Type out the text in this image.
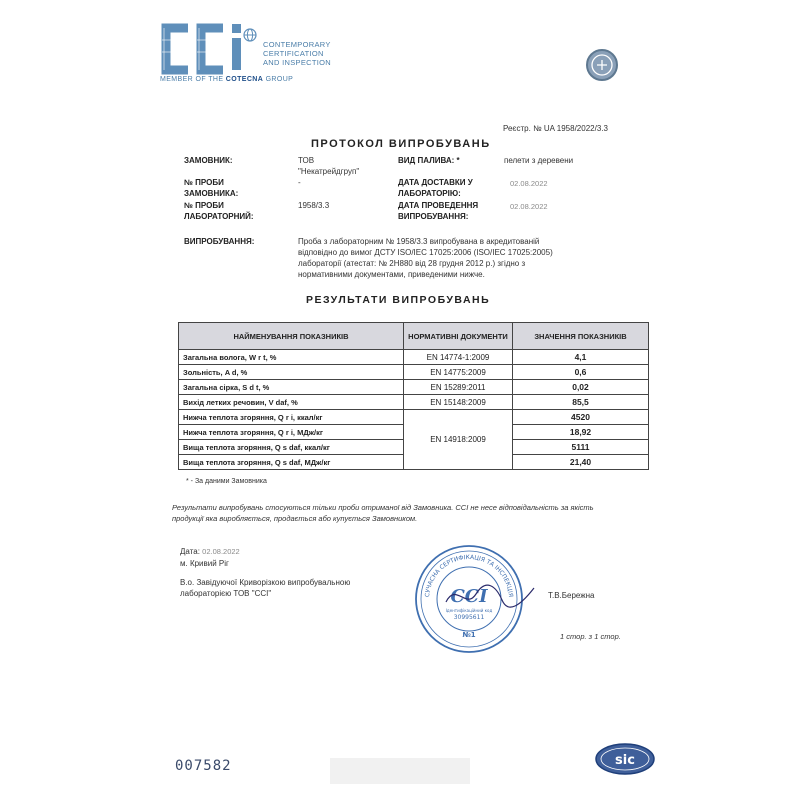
CONTEMPORARY
CERTIFICATION
AND INSPECTION
MEMBER OF THE COTECNA GROUP
Реєстр. № UA 1958/2022/3.3
ПРОТОКОЛ ВИПРОБУВАНЬ
ЗАМОВНИК:	ТОВ
"Некатрейдгруп"
ВИД ПАЛИВА: *	пелети з деревени
№ ПРОБИ
ЗАМОВНИКА:
-	ДАТА ДОСТАВКИ У
ЛАБОРАТОРІЮ:
02.08.2022
№ ПРОБИ
ЛАБОРАТОРНИЙ:
1958/3.3	ДАТА ПРОВЕДЕННЯ
ВИПРОБУВАННЯ:
02.08.2022
ВИПРОБУВАННЯ:	Проба з лабораторним № 1958/3.3 випробувана в акредитованій
відповідно до вимог ДСТУ ISO/IEC 17025:2006 (ISO/IEC 17025:2005)
лабораторії (атестат: № 2Н880 від 28 грудня 2012 р.) згідно з
нормативними документами, приведеними нижче.
РЕЗУЛЬТАТИ ВИПРОБУВАНЬ
НАЙМЕНУВАННЯ ПОКАЗНИКІВ	НОРМАТИВНІ ДОКУМЕНТИ	ЗНАЧЕННЯ ПОКАЗНИКІВ
Загальна волога, W r t, %	EN 14774-1:2009	4,1
Зольність, A d, %	EN 14775:2009	0,6
Загальна сірка, S d t, %	EN 15289:2011	0,02
Вихід летких речовин, V daf, %	EN 15148:2009	85,5
Нижча теплота згоряння, Q r i, ккал/кг	EN 14918:2009	4520
Нижча теплота згоряння, Q r i, МДж/кг		18,92
Вища теплота згоряння, Q s daf, ккал/кг		5111
Вища теплота згоряння, Q s daf, МДж/кг		21,40
* - За даними Замовника
Результати випробувань стосуються тільки проби отриманої від Замовника. CCI не несе відповідальність за якість
продукції яка виробляється, продається або купується Замовником.
Дата: 02.08.2022
м. Кривий Ріг
В.о. Завідуючої Криворізкою випробувальною
лабораторією ТОВ "CCI"	СУЧАСНА СЕРТИФІКАЦІЯ ТА ІНСПЕКЦІЯ
CCI
Ідентифікаційний код
30995611
№1
Т.В.Бережна
1 стор. з 1 стор.
007582	sic
